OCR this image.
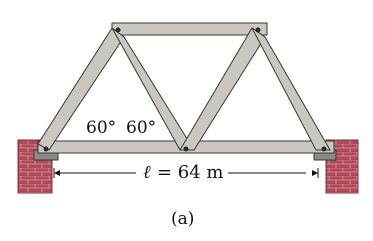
60° 60°
ℓ = 64 m
(a)
